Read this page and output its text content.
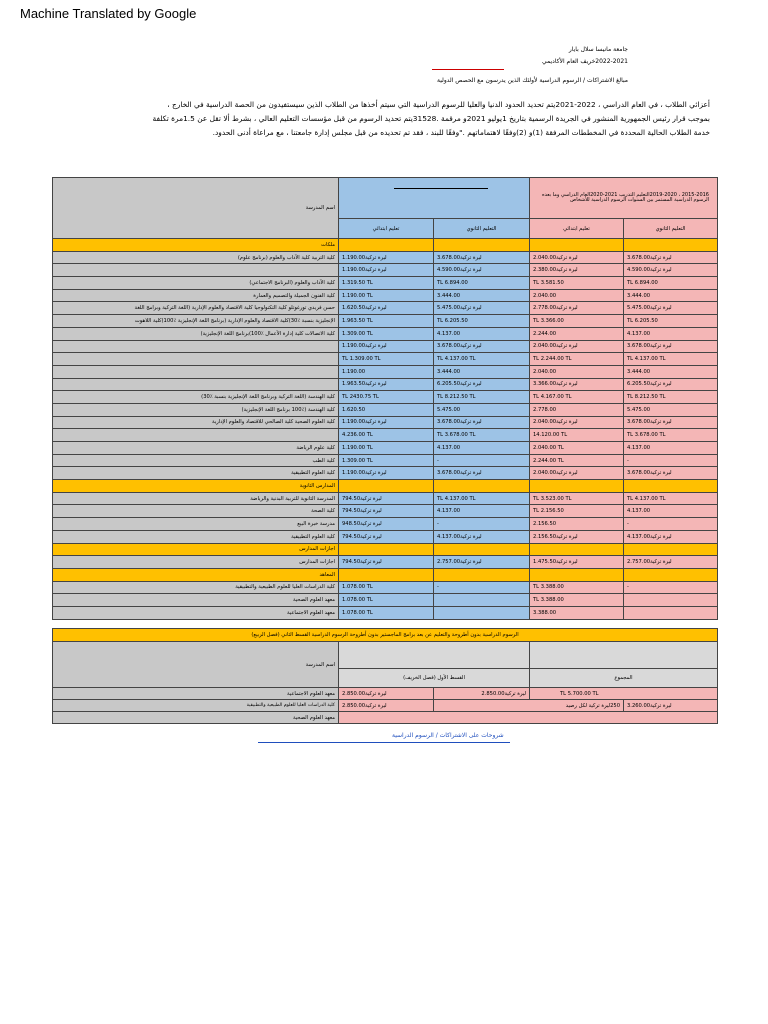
Machine Translated by Google
جامعة مانيسا سلال بايار
2022-2021خريف العام الأكاديمي
مبالغ الاشتراكات / الرسوم الدراسية لأولئك الذين يدرسون مع الحصص الدولية
أعزائي الطلاب ، في العام الدراسي ، 2022-2021يتم تحديد الحدود الدنيا والعليا للرسوم الدراسية التي سيتم أخذها من الطلاب الذين سيستفيدون من الحصة الدراسية في الخارج ،
بموجب قرار رئيس الجمهورية المنشور في الجريدة الرسمية بتاريخ 1يوليو 2021و مرقمة .31528يتم تحديد الرسوم من قبل مؤسسات التعليم العالي ، بشرط ألا تقل عن 1.5مرة تكلفة
خدمة الطلاب الحالية المحددة في المخططات المرفقة (1)و (2)وفقًا لاهتماماتهم ."وفقًا للبند ، فقد تم تحديده من قبل مجلس إدارة جامعتنا ، مع مراعاة أدنى الحدود.
اسم المدرسة			2015-2016 ، 2019-2020التعليم التدريب 2021-2020العام الدراسي وما بعده الرسوم الدراسية المستمر بين السنوات الرسوم الدراسية للأشخاص	
	تعليم ابتدائي	التعليم الثانوي	تعليم ابتدائي	التعليم الثانوي
ملكات				
كلية التربية كلية الآداب والعلوم (برنامج علوم)	1.190.00ليرة تركية	3.678.00ليرة تركية	2.040.00ليرة تركية	3.678.00ليرة تركية
	1.190.00ليرة تركية	4.590.00ليرة تركية	2.380.00ليرة تركية	4.590.00ليرة تركية
كلية الآداب والعلوم (البرنامج الاجتماعي)	1.319.50 TL	TL 6.894.00	TL 3.581.50	TL 6.894.00
كلية الفنون الجميلة والتصميم والعمارة	1.190.00 TL	3.444.00	2.040.00	3.444.00
حسن فريدي تورغوتلو كلية التكنولوجيا كلية الاقتصاد والعلوم الإدارية (اللغة التركية وبرامج اللغة	1.620.50ليرة تركية	5.475.00ليرة تركية	2.778.00ليرة تركية	5.475.00ليرة تركية
الإنجليزية بنسبة ٪30)كلية الاقتصاد والعلوم الإدارية (برنامج اللغة الإنجليزية ٪100)كلية اللاهوت	1.963.50 TL	TL 6.205.50	TL 3.366.00	TL 6.205.50
كلية الاتصالات كلية إدارة الأعمال ٪100)برنامج اللغة الإنجليزية)	1.309.00 TL	4.137.00	2.244.00	4.137.00
	1.190.00ليرة تركية	3.678.00ليرة تركية	2.040.00ليرة تركية	3.678.00ليرة تركية
	TL 1.309.00 TL	TL 4.137.00 TL	TL 2.244.00 TL	TL 4.137.00 TL
	1.190.00	3.444.00	2.040.00	3.444.00
	1.963.50ليرة تركية	6.205.50ليرة تركية	3.366.00ليرة تركية	6.205.50ليرة تركية
كلية الهندسة (اللغة التركية وبرنامج اللغة الإنجليزية بنسبة ٪30)	TL 2430.75 TL	TL 8.212.50 TL	TL 4.167.00 TL	TL 8.212.50 TL
كلية الهندسة (٪100 برنامج اللغة الإنجليزية)	1.620.50	5.475.00	2.778.00	5.475.00
كلية العلوم الصحية كلية الصالحي للاقتصاد والعلوم الإدارية	1.190.00ليرة تركية	3.678.00ليرة تركية	2.040.00ليرة تركية	3.678.00ليرة تركية
	4.236.00 TL	TL 3.678.00 TL	14.120.00 TL	TL 3.678.00 TL
كلية علوم الرياضة	1.190.00 TL	4.137.00	2.040.00 TL	4.137.00
كلية الطب	1.309.00 TL	-	2.244.00 TL	-
كلية العلوم التطبيقية	1.190.00ليرة تركية	3.678.00ليرة تركية	2.040.00ليرة تركية	3.678.00ليرة تركية
المدارس الثانوية				
المدرسة الثانوية للتربية البدنية والرياضة	794.50ليرة تركية	TL 4.137.00 TL	TL 3.523.00 TL	TL 4.137.00 TL
كلية الصحة	794.50ليرة تركية	4.137.00	TL 2.156.50	4.137.00
مدرسة خبرة البيع	948.50ليرة تركية	-	2.156.50	-
كلية العلوم التطبيقية	794.50ليرة تركية	4.137.00ليرة تركية	2.156.50ليرة تركية	4.137.00ليرة تركية
اجازات المدارس				
اجازات المدارس	794.50ليرة تركية	2.757.00ليرة تركية	1.475.50ليرة تركية	2.757.00ليرة تركية
المعاهد				
كلية الدراسات العليا للعلوم الطبيعية والتطبيقية	1.078.00 TL	-	TL 3.388.00	-
معهد العلوم الصحية	1.078.00 TL		TL 3.388.00	
معهد العلوم الاجتماعية	1.078.00 TL		3.388.00	
الرسوم الدراسية بدون أطروحة والتعليم عن بعد برامج الماجستير بدون أطروحة الرسوم الدراسية القسط الثاني (فصل الربيع)				
اسم المدرسة				
	القسط الأول (فصل الخريف)		المجموع	
معهد العلوم الاجتماعية	2.850.00ليرة تركية	2.850.00ليرة تركية	TL 5.700.00 TL	
كلية الدراسات العليا للعلوم الطبيعية والتطبيقية	2.850.00ليرة تركية	250ليرة تركية لكل رصيد		3.260.00ليرة تركية
معهد العلوم الصحية				
شروحات على الاشتراكات / الرسوم الدراسية
